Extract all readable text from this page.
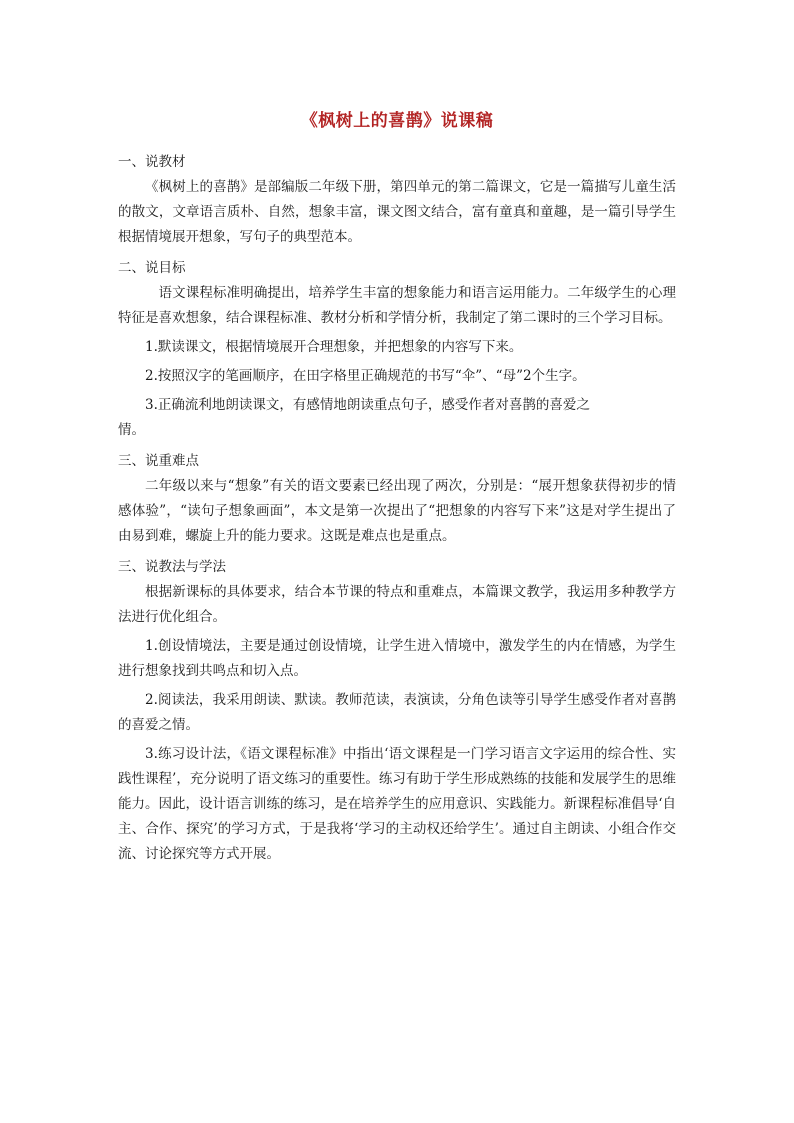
《枫树上的喜鹊》说课稿

一、说教材

《枫树上的喜鹊》是部编版二年级下册，第四单元的第二篇课文，它是一篇描写儿童生活的散文，文章语言质朴、自然，想象丰富，课文图文结合，富有童真和童趣，是一篇引导学生根据情境展开想象，写句子的典型范本。

二、说目标

语文课程标准明确提出，培养学生丰富的想象能力和语言运用能力。二年级学生的心理特征是喜欢想象，结合课程标准、教材分析和学情分析，我制定了第二课时的三个学习目标。

1.默读课文，根据情境展开合理想象，并把想象的内容写下来。

2.按照汉字的笔画顺序，在田字格里正确规范的书写“伞”、“母”2个生字。

3.正确流利地朗读课文，有感情地朗读重点句子，感受作者对喜鹊的喜爱之

情。

三、说重难点

二年级以来与“想象”有关的语文要素已经出现了两次，分别是：“展开想象获得初步的情感体验”，“读句子想象画面”，本文是第一次提出了“把想象的内容写下来”这是对学生提出了由易到难，螺旋上升的能力要求。这既是难点也是重点。

三、说教法与学法

根据新课标的具体要求，结合本节课的特点和重难点，本篇课文教学，我运用多种教学方法进行优化组合。

1.创设情境法，主要是通过创设情境，让学生进入情境中，激发学生的内在情感，为学生进行想象找到共鸣点和切入点。

2.阅读法，我采用朗读、默读。教师范读，表演读，分角色读等引导学生感受作者对喜鹊的喜爱之情。

3.练习设计法，《语文课程标准》中指出‘语文课程是一门学习语言文字运用的综合性、实践性课程’，充分说明了语文练习的重要性。练习有助于学生形成熟练的技能和发展学生的思维能力。因此，设计语言训练的练习，是在培养学生的应用意识、实践能力。新课程标准倡导‘自主、合作、探究’的学习方式，于是我将‘学习的主动权还给学生’。通过自主朗读、小组合作交流、讨论探究等方式开展。
